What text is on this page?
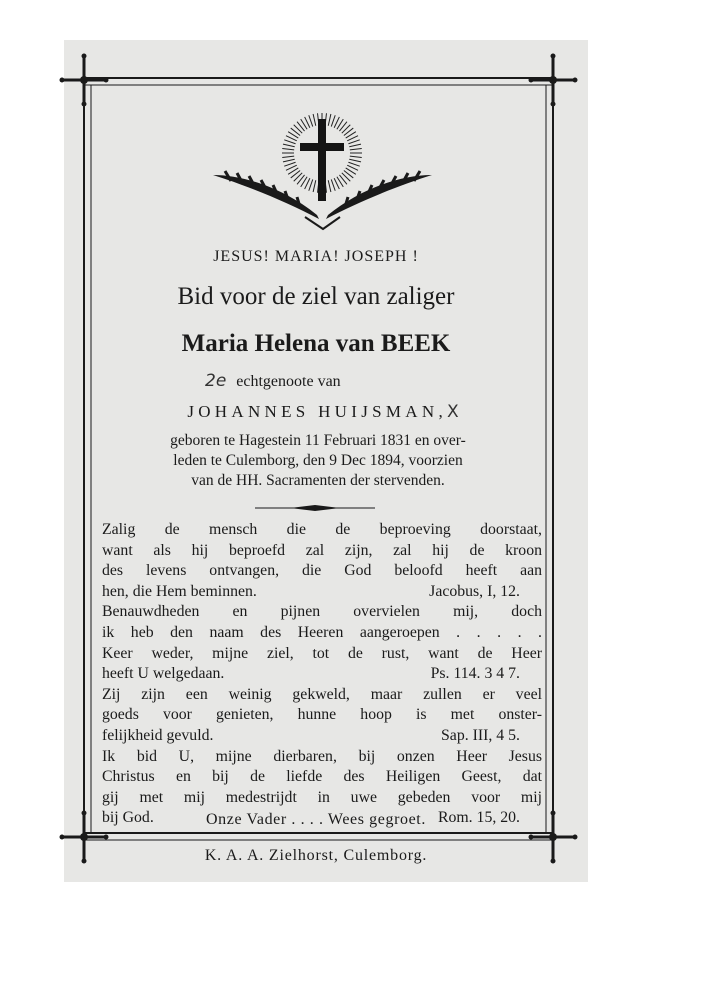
JESUS! MARIA! JOSEPH !

Bid voor de ziel van zaliger

Maria Helena van BEEK

2e echtgenoote van

JOHANNES HUIJSMAN,X

geboren te Hagestein 11 Februari 1831 en over-
leden te Culemborg, den 9 Dec 1894, voorzien
van de HH. Sacramenten der stervenden.
Zalig de mensch die de beproeving doorstaat,
want als hij beproefd zal zijn, zal hij de kroon
des levens ontvangen, die God beloofd heeft aan
hen, die Hem beminnen.	Jacobus, I, 12.
Benauwdheden en pijnen overvielen mij, doch
ik heb den naam des Heeren aangeroepen . . . . .
Keer weder, mijne ziel, tot de rust, want de Heer
heeft U welgedaan.	Ps. 114. 3 4 7.
Zij zijn een weinig gekweld, maar zullen er veel
goeds voor genieten, hunne hoop is met onster-
felijkheid gevuld.	Sap. III, 4 5.
Ik bid U, mijne dierbaren, bij onzen Heer Jesus
Christus en bij de liefde des Heiligen Geest, dat
gij met mij medestrijdt in uwe gebeden voor mij
bij God.	Rom. 15, 20.

Onze Vader . . . . Wees gegroet.

K. A. A. Zielhorst, Culemborg.
